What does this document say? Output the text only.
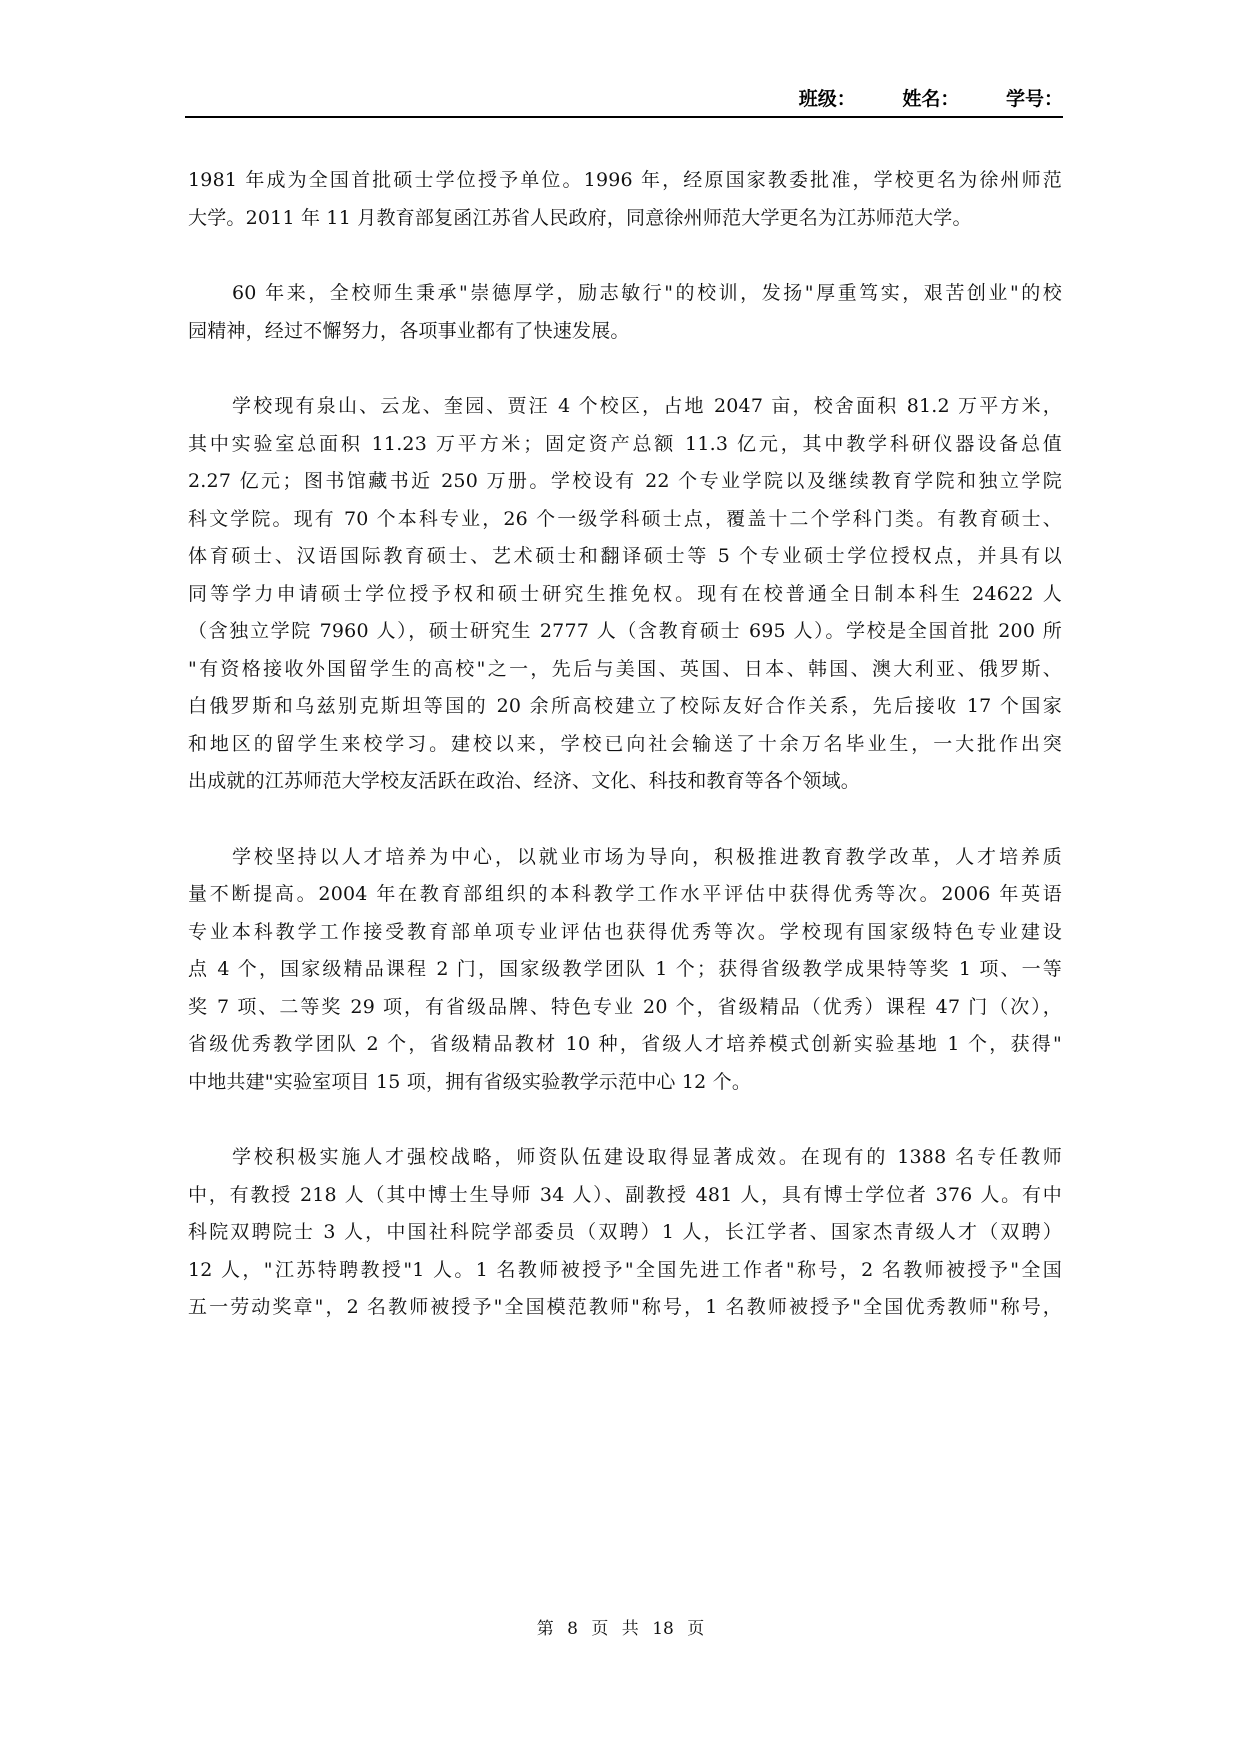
班级： 姓名： 学号：
1981 年成为全国首批硕士学位授予单位。1996 年，经原国家教委批准，学校更名为徐州师范
大学。2011 年 11 月教育部复函江苏省人民政府，同意徐州师范大学更名为江苏师范大学。
60 年来，全校师生秉承"崇德厚学，励志敏行"的校训，发扬"厚重笃实，艰苦创业"的校
园精神，经过不懈努力，各项事业都有了快速发展。
学校现有泉山、云龙、奎园、贾汪 4 个校区，占地 2047 亩，校舍面积 81.2 万平方米，
其中实验室总面积 11.23 万平方米；固定资产总额 11.3 亿元，其中教学科研仪器设备总值
2.27 亿元；图书馆藏书近 250 万册。学校设有 22 个专业学院以及继续教育学院和独立学院
科文学院。现有 70 个本科专业，26 个一级学科硕士点，覆盖十二个学科门类。有教育硕士、
体育硕士、汉语国际教育硕士、艺术硕士和翻译硕士等 5 个专业硕士学位授权点，并具有以
同等学力申请硕士学位授予权和硕士研究生推免权。现有在校普通全日制本科生 24622 人
（含独立学院 7960 人），硕士研究生 2777 人（含教育硕士 695 人）。学校是全国首批 200 所
"有资格接收外国留学生的高校"之一，先后与美国、英国、日本、韩国、澳大利亚、俄罗斯、
白俄罗斯和乌兹别克斯坦等国的 20 余所高校建立了校际友好合作关系，先后接收 17 个国家
和地区的留学生来校学习。建校以来，学校已向社会输送了十余万名毕业生，一大批作出突
出成就的江苏师范大学校友活跃在政治、经济、文化、科技和教育等各个领域。
学校坚持以人才培养为中心，以就业市场为导向，积极推进教育教学改革，人才培养质
量不断提高。2004 年在教育部组织的本科教学工作水平评估中获得优秀等次。2006 年英语
专业本科教学工作接受教育部单项专业评估也获得优秀等次。学校现有国家级特色专业建设
点 4 个，国家级精品课程 2 门，国家级教学团队 1 个；获得省级教学成果特等奖 1 项、一等
奖 7 项、二等奖 29 项，有省级品牌、特色专业 20 个，省级精品（优秀）课程 47 门（次），
省级优秀教学团队 2 个，省级精品教材 10 种，省级人才培养模式创新实验基地 1 个，获得"
中地共建"实验室项目 15 项，拥有省级实验教学示范中心 12 个。
学校积极实施人才强校战略，师资队伍建设取得显著成效。在现有的 1388 名专任教师
中，有教授 218 人（其中博士生导师 34 人）、副教授 481 人，具有博士学位者 376 人。有中
科院双聘院士 3 人，中国社科院学部委员（双聘）1 人，长江学者、国家杰青级人才（双聘）
12 人，"江苏特聘教授"1 人。1 名教师被授予"全国先进工作者"称号，2 名教师被授予"全国
五一劳动奖章"，2 名教师被授予"全国模范教师"称号，1 名教师被授予"全国优秀教师"称号，
第 8 页 共 18 页
